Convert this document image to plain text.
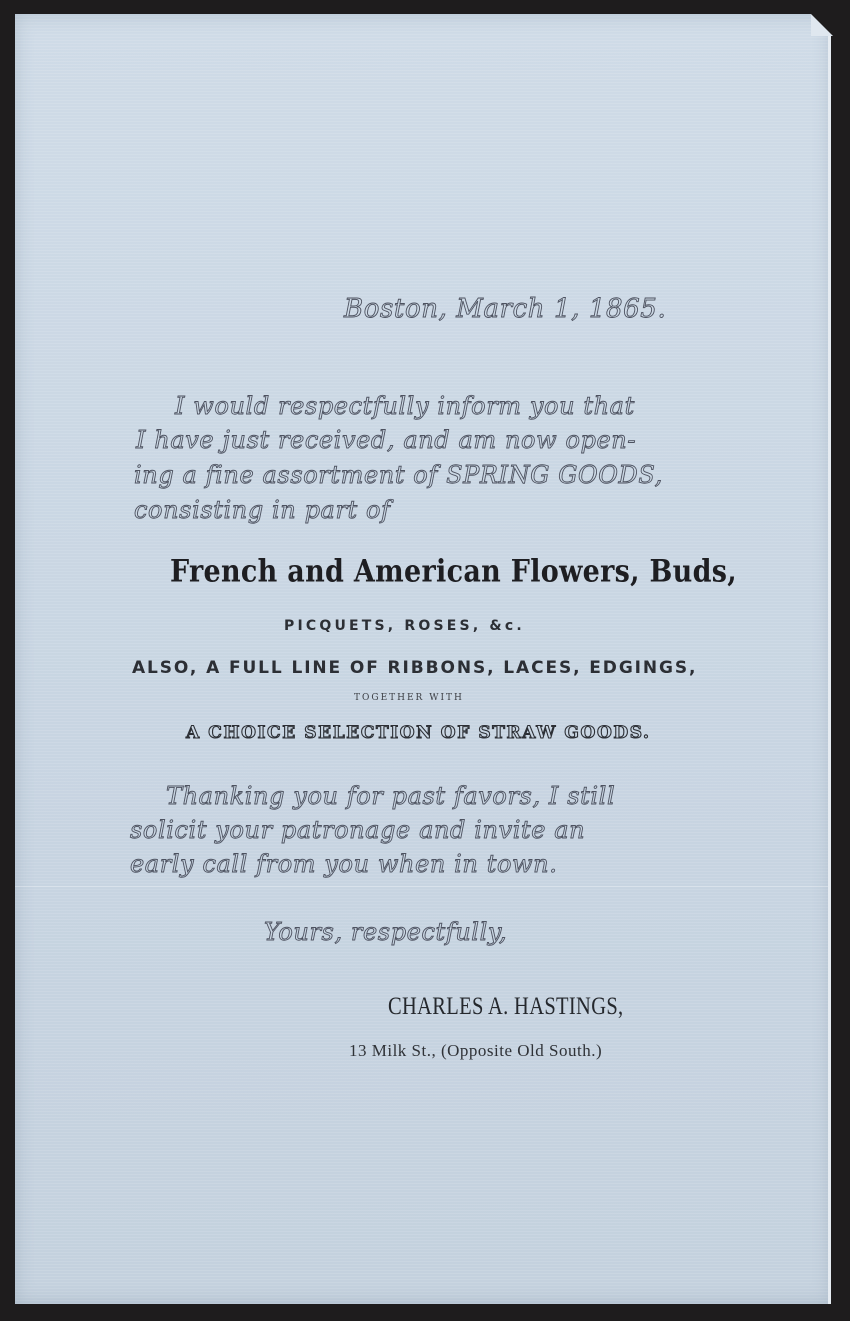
Boston, March 1, 1865.
I would respectfully inform you that
I have just received, and am now open-
ing a fine assortment of SPRING GOODS,
consisting in part of
French and American Flowers, Buds,
PICQUETS, ROSES, &c.
ALSO, A FULL LINE OF RIBBONS, LACES, EDGINGS,
TOGETHER WITH
A CHOICE SELECTION OF STRAW GOODS.
Thanking you for past favors, I still
solicit your patronage and invite an
early call from you when in town.
Yours, respectfully,
CHARLES A. HASTINGS,
13 Milk St., (Opposite Old South.)
